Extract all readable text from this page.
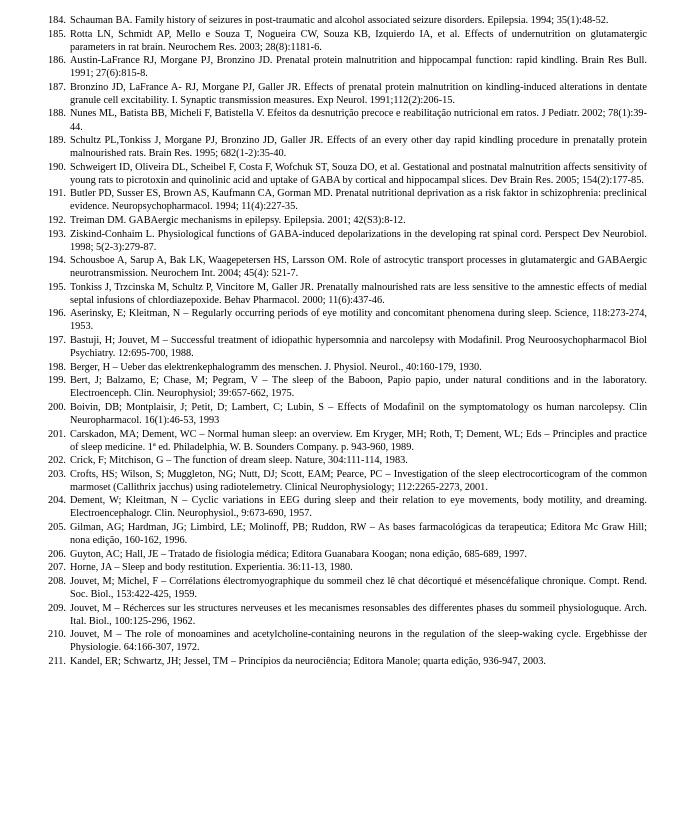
184. Schauman BA. Family history of seizures in post-traumatic and alcohol associated seizure disorders. Epilepsia. 1994; 35(1):48-52.
185. Rotta LN, Schmidt AP, Mello e Souza T, Nogueira CW, Souza KB, Izquierdo IA, et al. Effects of undernutrition on glutamatergic parameters in rat brain. Neurochem Res. 2003; 28(8):1181-6.
186. Austin-LaFrance RJ, Morgane PJ, Bronzino JD. Prenatal protein malnutrition and hippocampal function: rapid kindling. Brain Res Bull. 1991; 27(6):815-8.
187. Bronzino JD, LaFrance A- RJ, Morgane PJ, Galler JR. Effects of prenatal protein malnutrition on kindling-induced alterations in dentate granule cell excitability. I. Synaptic transmission measures. Exp Neurol. 1991;112(2):206-15.
188. Nunes ML, Batista BB, Micheli F, Batistella V. Efeitos da desnutrição precoce e reabilitação nutricional em ratos. J Pediatr. 2002; 78(1):39-44.
189. Schultz PL,Tonkiss J, Morgane PJ, Bronzino JD, Galler JR. Effects of an every other day rapid kindling procedure in prenatally protein malnourished rats. Brain Res. 1995; 682(1-2):35-40.
190. Schweigert ID, Oliveira DL, Scheibel F, Costa F, Wofchuk ST, Souza DO, et al. Gestational and postnatal malnutrition affects sensitivity of young rats to picrotoxin and quinolinic acid and uptake of GABA by cortical and hippocampal slices. Dev Brain Res. 2005; 154(2):177-85.
191. Butler PD, Susser ES, Brown AS, Kaufmann CA, Gorman MD. Prenatal nutritional deprivation as a risk faktor in schizophrenia: preclinical evidence. Neuropsychopharmacol. 1994; 11(4):227-35.
192. Treiman DM. GABAergic mechanisms in epilepsy. Epilepsia. 2001; 42(S3):8-12.
193. Ziskind-Conhaim L. Physiological functions of GABA-induced depolarizations in the developing rat spinal cord. Perspect Dev Neurobiol. 1998; 5(2-3):279-87.
194. Schousboe A, Sarup A, Bak LK, Waagepetersen HS, Larsson OM. Role of astrocytic transport processes in glutamatergic and GABAergic neurotransmission. Neurochem Int. 2004; 45(4): 521-7.
195. Tonkiss J, Trzcinska M, Schultz P, Vincitore M, Galler JR. Prenatally malnourished rats are less sensitive to the amnestic effects of medial septal infusions of chlordiazepoxide. Behav Pharmacol. 2000; 11(6):437-46.
196. Aserinsky, E; Kleitman, N – Regularly occurring periods of eye motility and concomitant phenomena during sleep. Science, 118:273-274, 1953.
197. Bastuji, H; Jouvet, M – Successful treatment of idiopathic hypersomnia and narcolepsy with Modafinil. Prog Neuroosychopharmacol Biol Psychiatry. 12:695-700, 1988.
198. Berger, H – Ueber das elektrenkephalogramm des menschen. J. Physiol. Neurol., 40:160-179, 1930.
199. Bert, J; Balzamo, E; Chase, M; Pegram, V – The sleep of the Baboon, Papio papio, under natural conditions and in the laboratory. Electroenceph. Clin. Neurophysiol; 39:657-662, 1975.
200. Boivin, DB; Montplaisir, J; Petit, D; Lambert, C; Lubin, S – Effects of Modafinil on the symptomatology os human narcolepsy. Clin Neuropharmacol. 16(1):46-53, 1993
201. Carskadon, MA; Dement, WC – Normal human sleep: an overview. Em Kryger, MH; Roth, T; Dement, WL; Eds – Principles and practice of sleep medicine. 1ª ed. Philadelphia, W. B. Sounders Company. p. 943-960, 1989.
202. Crick, F; Mitchison, G – The function of dream sleep. Nature, 304:111-114, 1983.
203. Crofts, HS; Wilson, S; Muggleton, NG; Nutt, DJ; Scott, EAM; Pearce, PC – Investigation of the sleep electrocorticogram of the common marmoset (Callithrix jacchus) using radiotelemetry. Clinical Neurophysiology; 112:2265-2273, 2001.
204. Dement, W; Kleitman, N – Cyclic variations in EEG during sleep and their relation to eye movements, body motility, and dreaming. Electroencephalogr. Clin. Neurophysiol., 9:673-690, 1957.
205. Gilman, AG; Hardman, JG; Limbird, LE; Molinoff, PB; Ruddon, RW – As bases farmacológicas da terapeutica; Editora Mc Graw Hill; nona edição, 160-162, 1996.
206. Guyton, AC; Hall, JE – Tratado de fisiologia médica; Editora Guanabara Koogan; nona edição, 685-689, 1997.
207. Horne, JA – Sleep and body restitution. Experientia. 36:11-13, 1980.
208. Jouvet, M; Michel, F – Corrélations électromyographique du sommeil chez lê chat décortiqué et mésencéfalique chronique. Compt. Rend. Soc. Biol., 153:422-425, 1959.
209. Jouvet, M – Récherces sur les structures nerveuses et les mecanismes resonsables des differentes phases du sommeil physiologuque. Arch. Ital. Biol., 100:125-296, 1962.
210. Jouvet, M – The role of monoamines and acetylcholine-containing neurons in the regulation of the sleep-waking cycle. Ergebhisse der Physiologie. 64:166-307, 1972.
211. Kandel, ER; Schwartz, JH; Jessel, TM – Princípios da neurociência; Editora Manole; quarta edição, 936-947, 2003.
